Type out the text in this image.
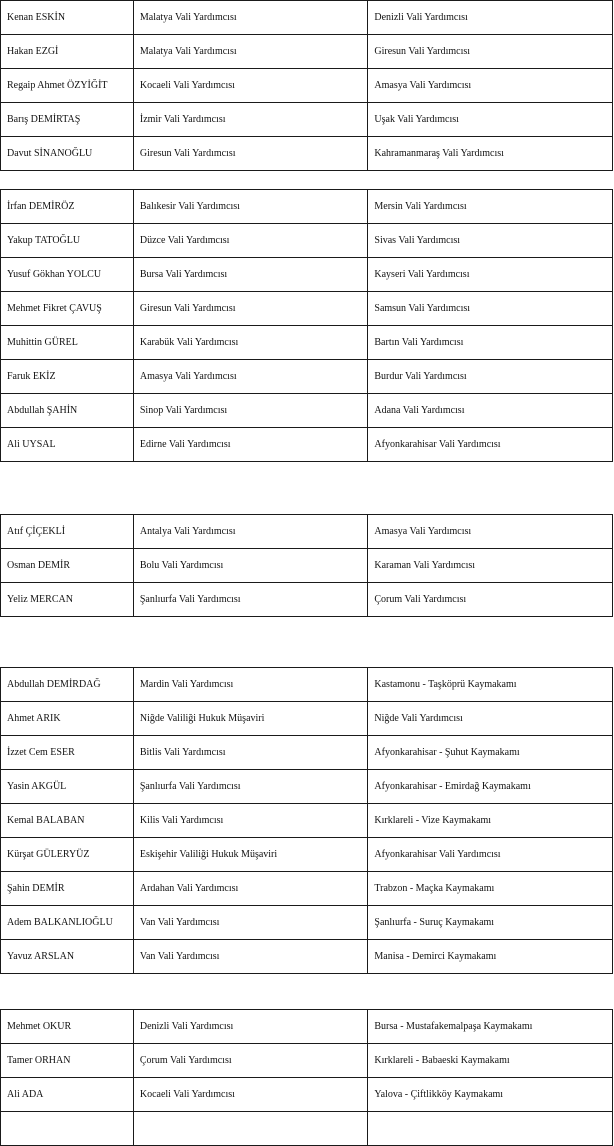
Kenan ESKİN	Malatya Vali Yardımcısı	Denizli Vali Yardımcısı
Hakan EZGİ	Malatya Vali Yardımcısı	Giresun Vali Yardımcısı
Regaip Ahmet ÖZYİĞİT	Kocaeli Vali Yardımcısı	Amasya Vali Yardımcısı
Barış DEMİRTAŞ	İzmir Vali Yardımcısı	Uşak Vali Yardımcısı
Davut SİNANOĞLU	Giresun Vali Yardımcısı	Kahramanmaraş Vali Yardımcısı
İrfan DEMİRÖZ	Balıkesir Vali Yardımcısı	Mersin Vali Yardımcısı
Yakup TATOĞLU	Düzce Vali Yardımcısı	Sivas Vali Yardımcısı
Yusuf Gökhan YOLCU	Bursa Vali Yardımcısı	Kayseri Vali Yardımcısı
Mehmet Fikret ÇAVUŞ	Giresun Vali Yardımcısı	Samsun Vali Yardımcısı
Muhittin GÜREL	Karabük Vali Yardımcısı	Bartın Vali Yardımcısı
Faruk EKİZ	Amasya Vali Yardımcısı	Burdur Vali Yardımcısı
Abdullah ŞAHİN	Sinop Vali Yardımcısı	Adana Vali Yardımcısı
Ali UYSAL	Edirne Vali Yardımcısı	Afyonkarahisar Vali Yardımcısı
Atıf ÇİÇEKLİ	Antalya Vali Yardımcısı	Amasya Vali Yardımcısı
Osman DEMİR	Bolu Vali Yardımcısı	Karaman Vali Yardımcısı
Yeliz MERCAN	Şanlıurfa Vali Yardımcısı	Çorum Vali Yardımcısı
Abdullah DEMİRDAĞ	Mardin Vali Yardımcısı	Kastamonu - Taşköprü Kaymakamı
Ahmet ARIK	Niğde Valiliği Hukuk Müşaviri	Niğde Vali Yardımcısı
İzzet Cem ESER	Bitlis Vali Yardımcısı	Afyonkarahisar - Şuhut Kaymakamı
Yasin AKGÜL	Şanlıurfa Vali Yardımcısı	Afyonkarahisar - Emirdağ Kaymakamı
Kemal BALABAN	Kilis Vali Yardımcısı	Kırklareli - Vize Kaymakamı
Kürşat GÜLERYÜZ	Eskişehir Valiliği Hukuk Müşaviri	Afyonkarahisar Vali Yardımcısı
Şahin DEMİR	Ardahan Vali Yardımcısı	Trabzon - Maçka Kaymakamı
Adem BALKANLIOĞLU	Van Vali Yardımcısı	Şanlıurfa - Suruç Kaymakamı
Yavuz ARSLAN	Van Vali Yardımcısı	Manisa - Demirci Kaymakamı
Mehmet OKUR	Denizli Vali Yardımcısı	Bursa - Mustafakemalpaşa Kaymakamı
Tamer ORHAN	Çorum Vali Yardımcısı	Kırklareli - Babaeski Kaymakamı
Ali ADA	Kocaeli Vali Yardımcısı	Yalova - Çiftlikköy Kaymakamı
